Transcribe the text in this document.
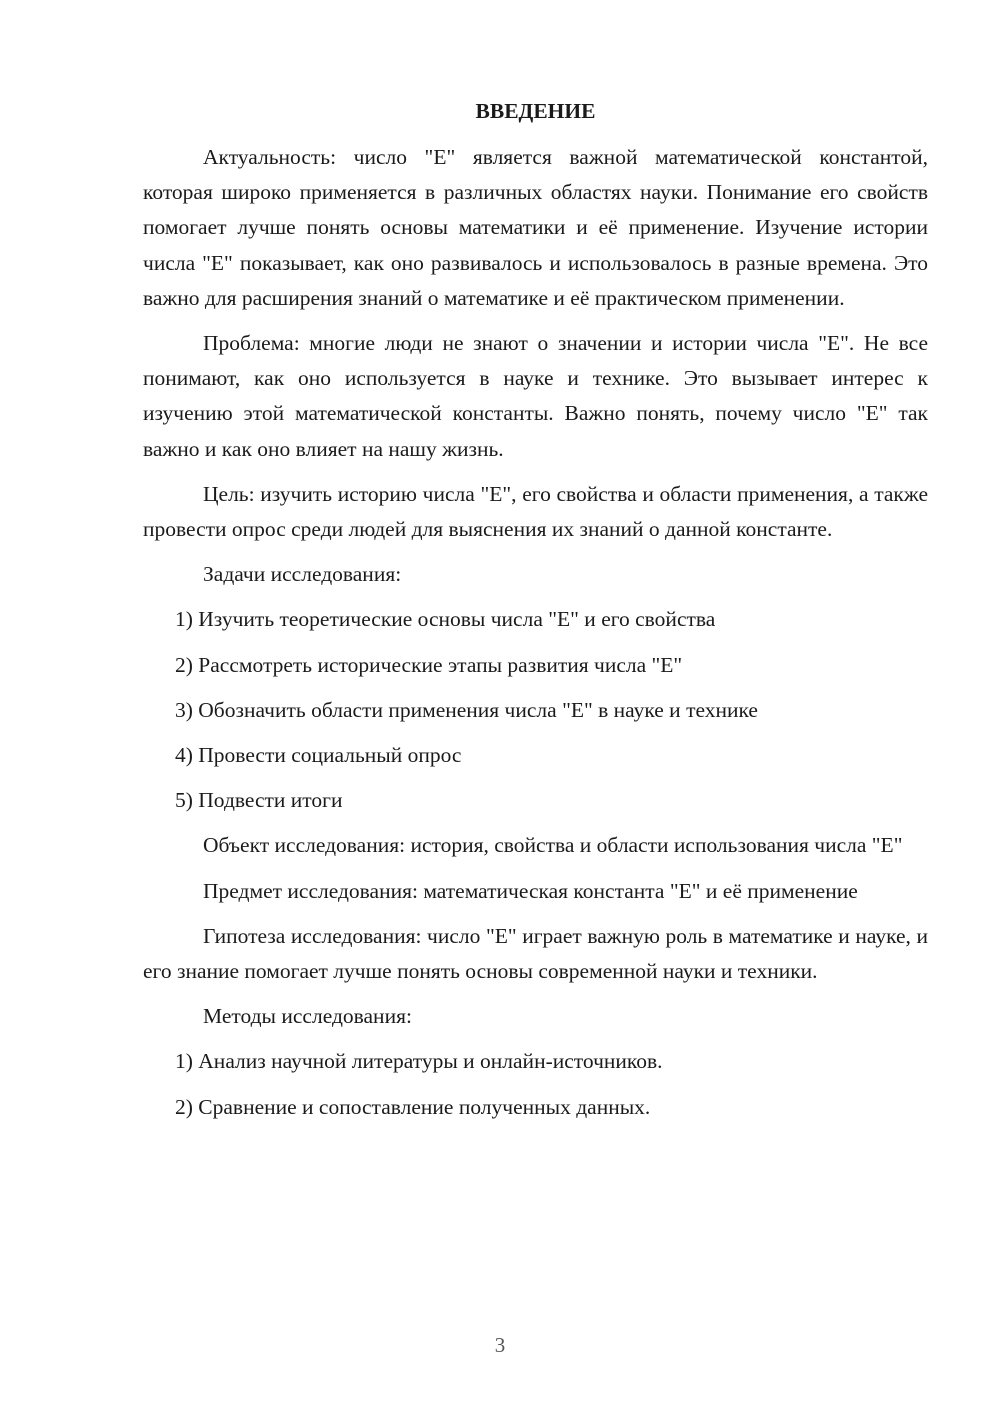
ВВЕДЕНИЕ

Актуальность: число "E" является важной математической константой, которая широко применяется в различных областях науки. Понимание его свойств помогает лучше понять основы математики и её применение. Изучение истории числа "E" показывает, как оно развивалось и использовалось в разные времена. Это важно для расширения знаний о математике и её практическом применении.

Проблема: многие люди не знают о значении и истории числа "E". Не все понимают, как оно используется в науке и технике. Это вызывает интерес к изучению этой математической константы. Важно понять, почему число "E" так важно и как оно влияет на нашу жизнь.

Цель: изучить историю числа "E", его свойства и области применения, а также провести опрос среди людей для выяснения их знаний о данной константе.

Задачи исследования:
1) Изучить теоретические основы числа "E" и его свойства
2) Рассмотреть исторические этапы развития числа "E"
3) Обозначить области применения числа "E" в науке и технике
4) Провести социальный опрос
5) Подвести итоги

Объект исследования: история, свойства и области использования числа "E"

Предмет исследования: математическая константа "E" и её применение

Гипотеза исследования: число "E" играет важную роль в математике и науке, и его знание помогает лучше понять основы современной науки и техники.

Методы исследования:
1) Анализ научной литературы и онлайн-источников.
2) Сравнение и сопоставление полученных данных.
3
